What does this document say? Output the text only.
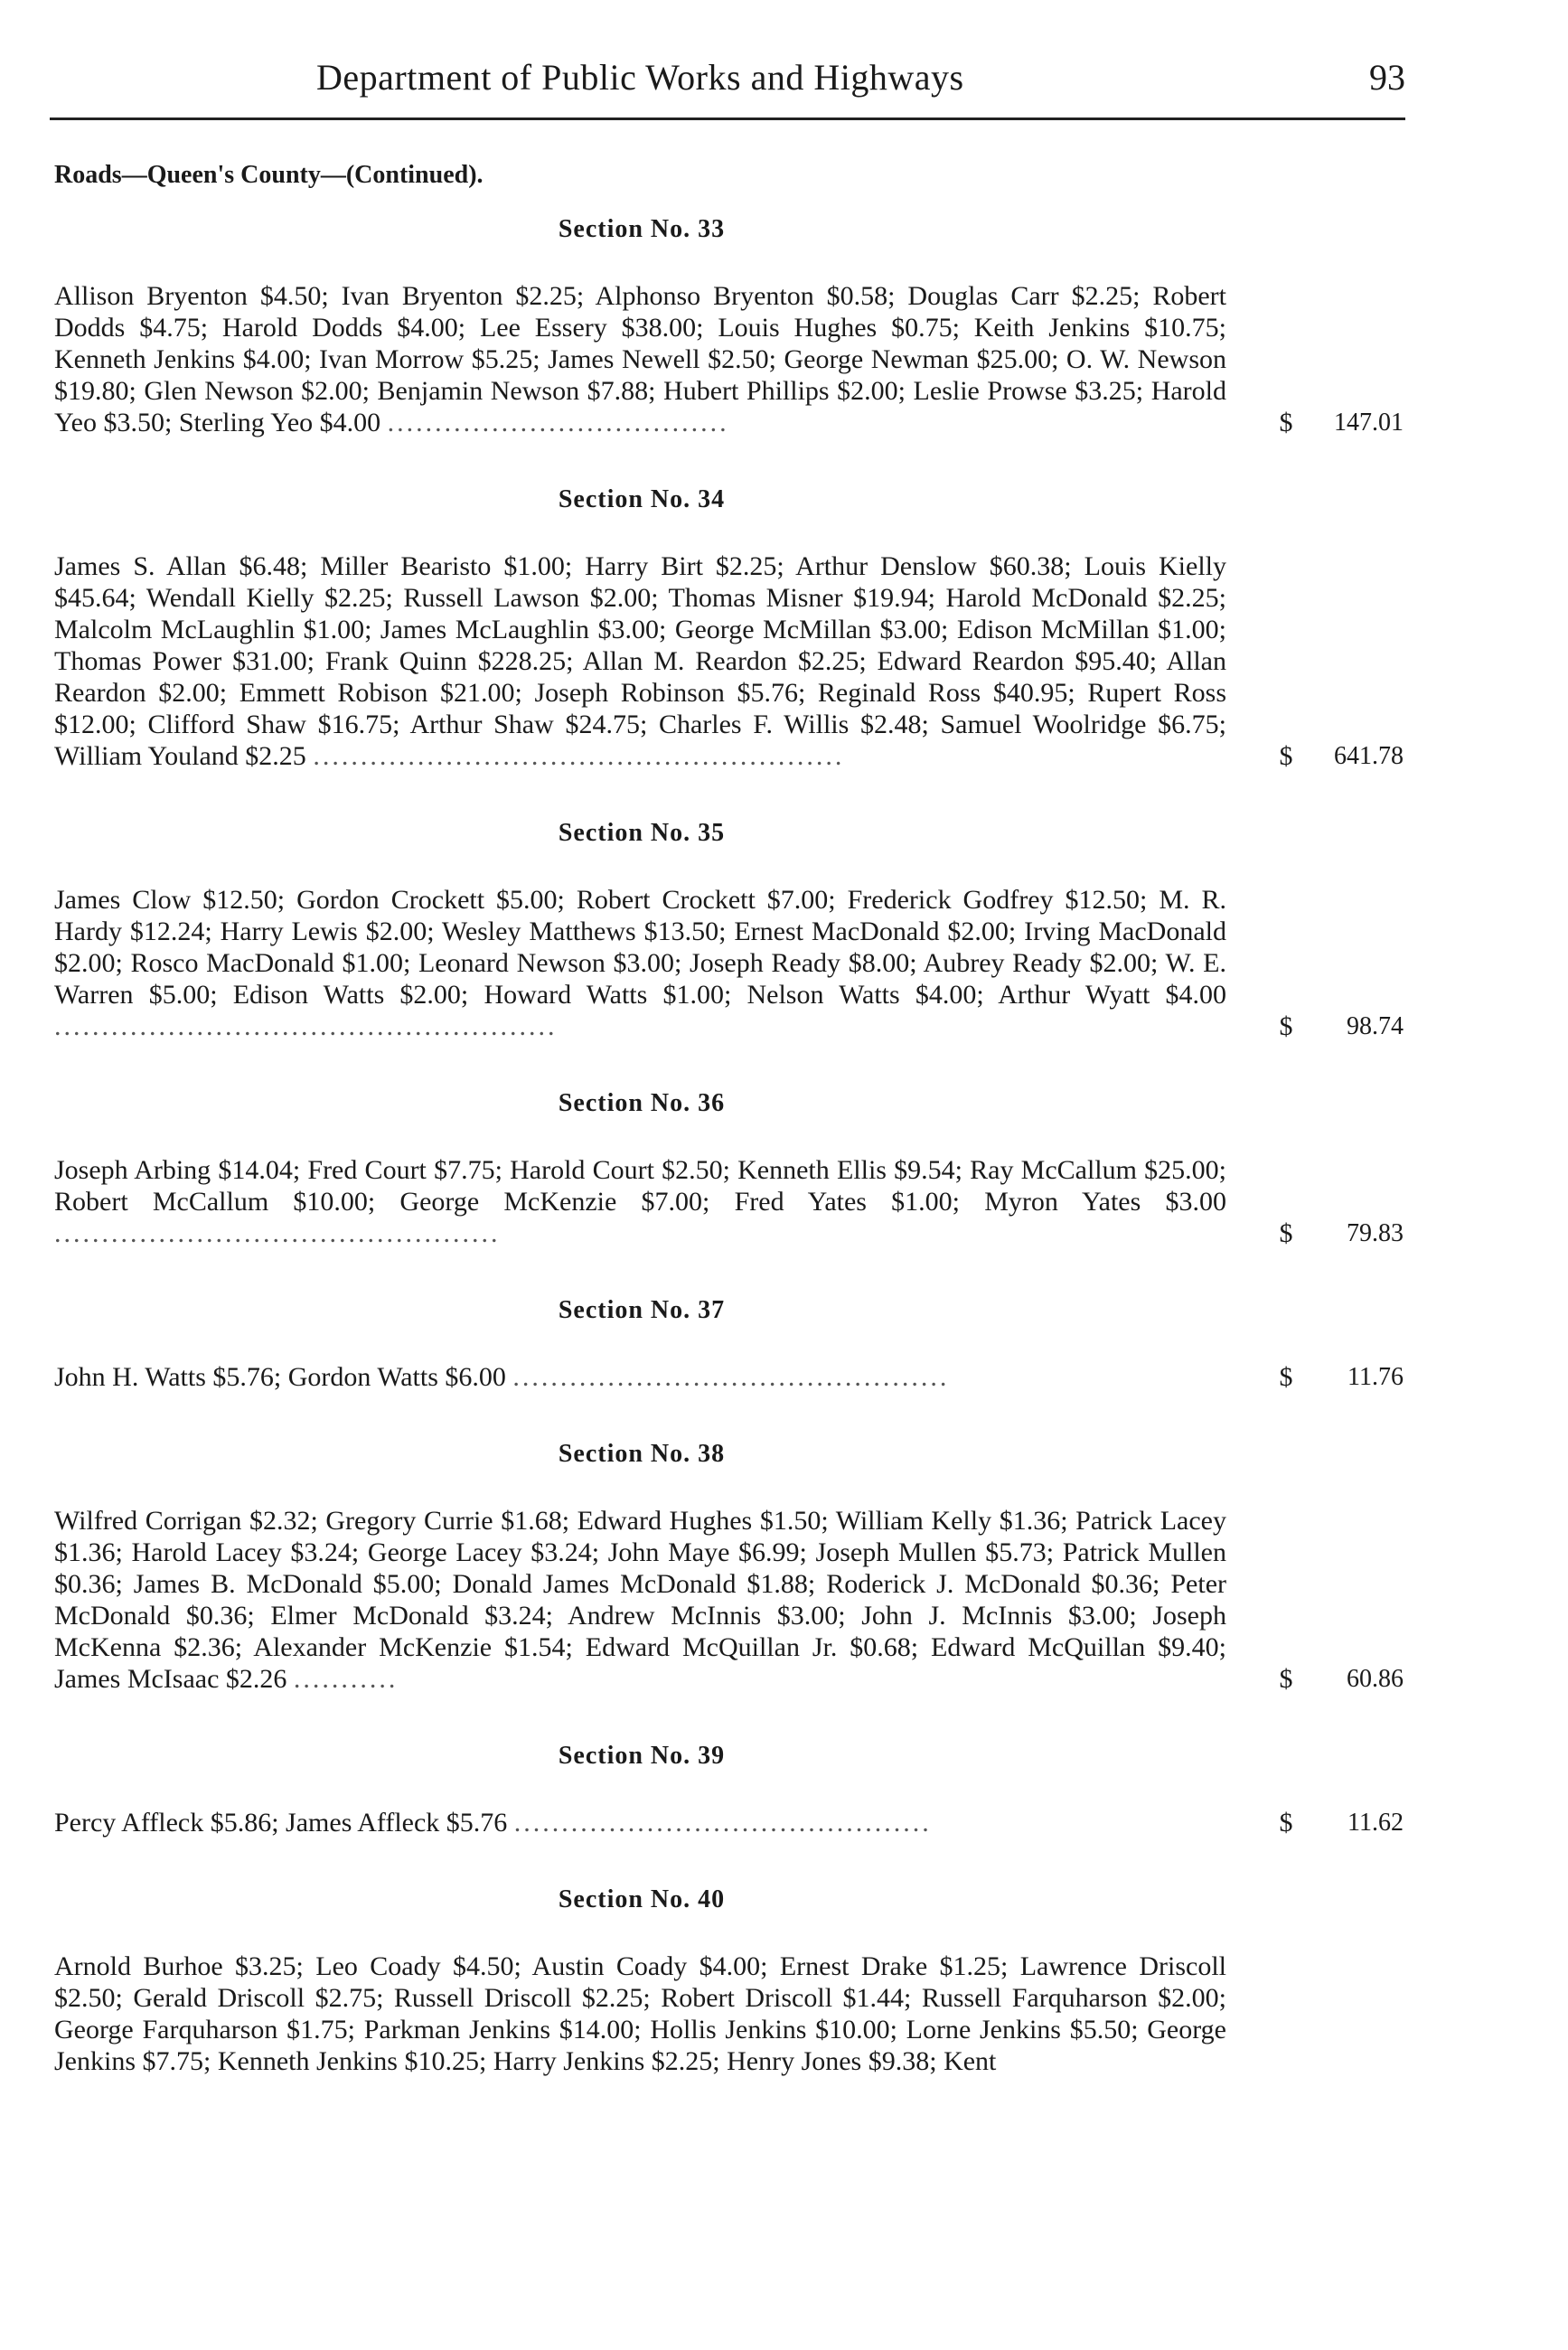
Department of Public Works and Highways	93
Roads—Queen's County—(Continued).
Section No. 33
Allison Bryenton $4.50; Ivan Bryenton $2.25; Alphonso Bryenton $0.58; Douglas Carr $2.25; Robert Dodds $4.75; Harold Dodds $4.00; Lee Essery $38.00; Louis Hughes $0.75; Keith Jenkins $10.75; Kenneth Jenkins $4.00; Ivan Morrow $5.25; James Newell $2.50; George Newman $25.00; O. W. Newson $19.80; Glen Newson $2.00; Benjamin Newson $7.88; Hubert Phillips $2.00; Leslie Prowse $3.25; Harold Yeo $3.50; Sterling Yeo $4.00 ....................................	$	147.01
Section No. 34
James S. Allan $6.48; Miller Bearisto $1.00; Harry Birt $2.25; Arthur Denslow $60.38; Louis Kielly $45.64; Wendall Kielly $2.25; Russell Lawson $2.00; Thomas Misner $19.94; Harold McDonald $2.25; Malcolm McLaughlin $1.00; James McLaughlin $3.00; George McMillan $3.00; Edison McMillan $1.00; Thomas Power $31.00; Frank Quinn $228.25; Allan M. Reardon $2.25; Edward Reardon $95.40; Allan Reardon $2.00; Emmett Robison $21.00; Joseph Robinson $5.76; Reginald Ross $40.95; Rupert Ross $12.00; Clifford Shaw $16.75; Arthur Shaw $24.75; Charles F. Willis $2.48; Samuel Woolridge $6.75; William Youland $2.25 ........................................................	$	641.78
Section No. 35
James Clow $12.50; Gordon Crockett $5.00; Robert Crockett $7.00; Frederick Godfrey $12.50; M. R. Hardy $12.24; Harry Lewis $2.00; Wesley Matthews $13.50; Ernest MacDonald $2.00; Irving MacDonald $2.00; Rosco MacDonald $1.00; Leonard Newson $3.00; Joseph Ready $8.00; Aubrey Ready $2.00; W. E. Warren $5.00; Edison Watts $2.00; Howard Watts $1.00; Nelson Watts $4.00; Arthur Wyatt $4.00 .....................................................	$	98.74
Section No. 36
Joseph Arbing $14.04; Fred Court $7.75; Harold Court $2.50; Kenneth Ellis $9.54; Ray McCallum $25.00; Robert McCallum $10.00; George McKenzie $7.00; Fred Yates $1.00; Myron Yates $3.00 ...............................................	$	79.83
Section No. 37
John H. Watts $5.76; Gordon Watts $6.00 ..............................................	$	11.76
Section No. 38
Wilfred Corrigan $2.32; Gregory Currie $1.68; Edward Hughes $1.50; William Kelly $1.36; Patrick Lacey $1.36; Harold Lacey $3.24; George Lacey $3.24; John Maye $6.99; Joseph Mullen $5.73; Patrick Mullen $0.36; James B. McDonald $5.00; Donald James McDonald $1.88; Roderick J. McDonald $0.36; Peter McDonald $0.36; Elmer McDonald $3.24; Andrew McInnis $3.00; John J. McInnis $3.00; Joseph McKenna $2.36; Alexander McKenzie $1.54; Edward McQuillan Jr. $0.68; Edward McQuillan $9.40; James McIsaac $2.26 ...........	$	60.86
Section No. 39
Percy Affleck $5.86; James Affleck $5.76 ............................................	$	11.62
Section No. 40
Arnold Burhoe $3.25; Leo Coady $4.50; Austin Coady $4.00; Ernest Drake $1.25; Lawrence Driscoll $2.50; Gerald Driscoll $2.75; Russell Driscoll $2.25; Robert Driscoll $1.44; Russell Farquharson $2.00; George Farquharson $1.75; Parkman Jenkins $14.00; Hollis Jenkins $10.00; Lorne Jenkins $5.50; George Jenkins $7.75; Kenneth Jenkins $10.25; Harry Jenkins $2.25; Henry Jones $9.38; Kent
